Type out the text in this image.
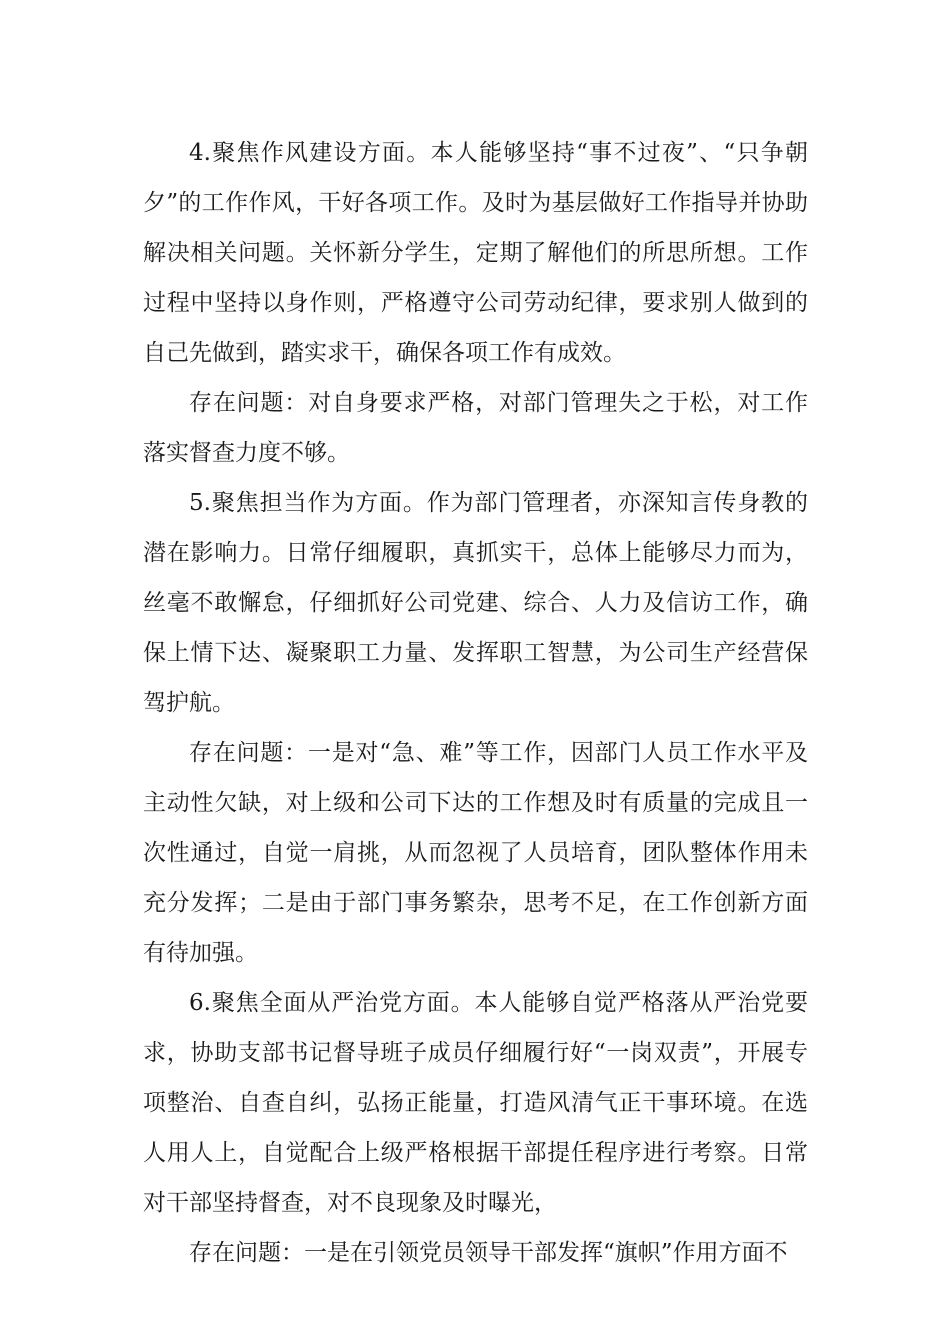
4.聚焦作风建设方面。本人能够坚持“事不过夜”、“只争朝夕”的工作作风，干好各项工作。及时为基层做好工作指导并协助解决相关问题。关怀新分学生，定期了解他们的所思所想。工作过程中坚持以身作则，严格遵守公司劳动纪律，要求别人做到的自己先做到，踏实求干，确保各项工作有成效。

存在问题：对自身要求严格，对部门管理失之于松，对工作落实督查力度不够。

5.聚焦担当作为方面。作为部门管理者，亦深知言传身教的潜在影响力。日常仔细履职，真抓实干，总体上能够尽力而为，丝毫不敢懈怠，仔细抓好公司党建、综合、人力及信访工作，确保上情下达、凝聚职工力量、发挥职工智慧，为公司生产经营保驾护航。

存在问题：一是对“急、难”等工作，因部门人员工作水平及主动性欠缺，对上级和公司下达的工作想及时有质量的完成且一次性通过，自觉一肩挑，从而忽视了人员培育，团队整体作用未充分发挥；二是由于部门事务繁杂，思考不足，在工作创新方面有待加强。

6.聚焦全面从严治党方面。本人能够自觉严格落从严治党要求，协助支部书记督导班子成员仔细履行好“一岗双责”，开展专项整治、自查自纠，弘扬正能量，打造风清气正干事环境。在选人用人上，自觉配合上级严格根据干部提任程序进行考察。日常对干部坚持督查，对不良现象及时曝光，

存在问题：一是在引领党员领导干部发挥“旗帜”作用方面不
